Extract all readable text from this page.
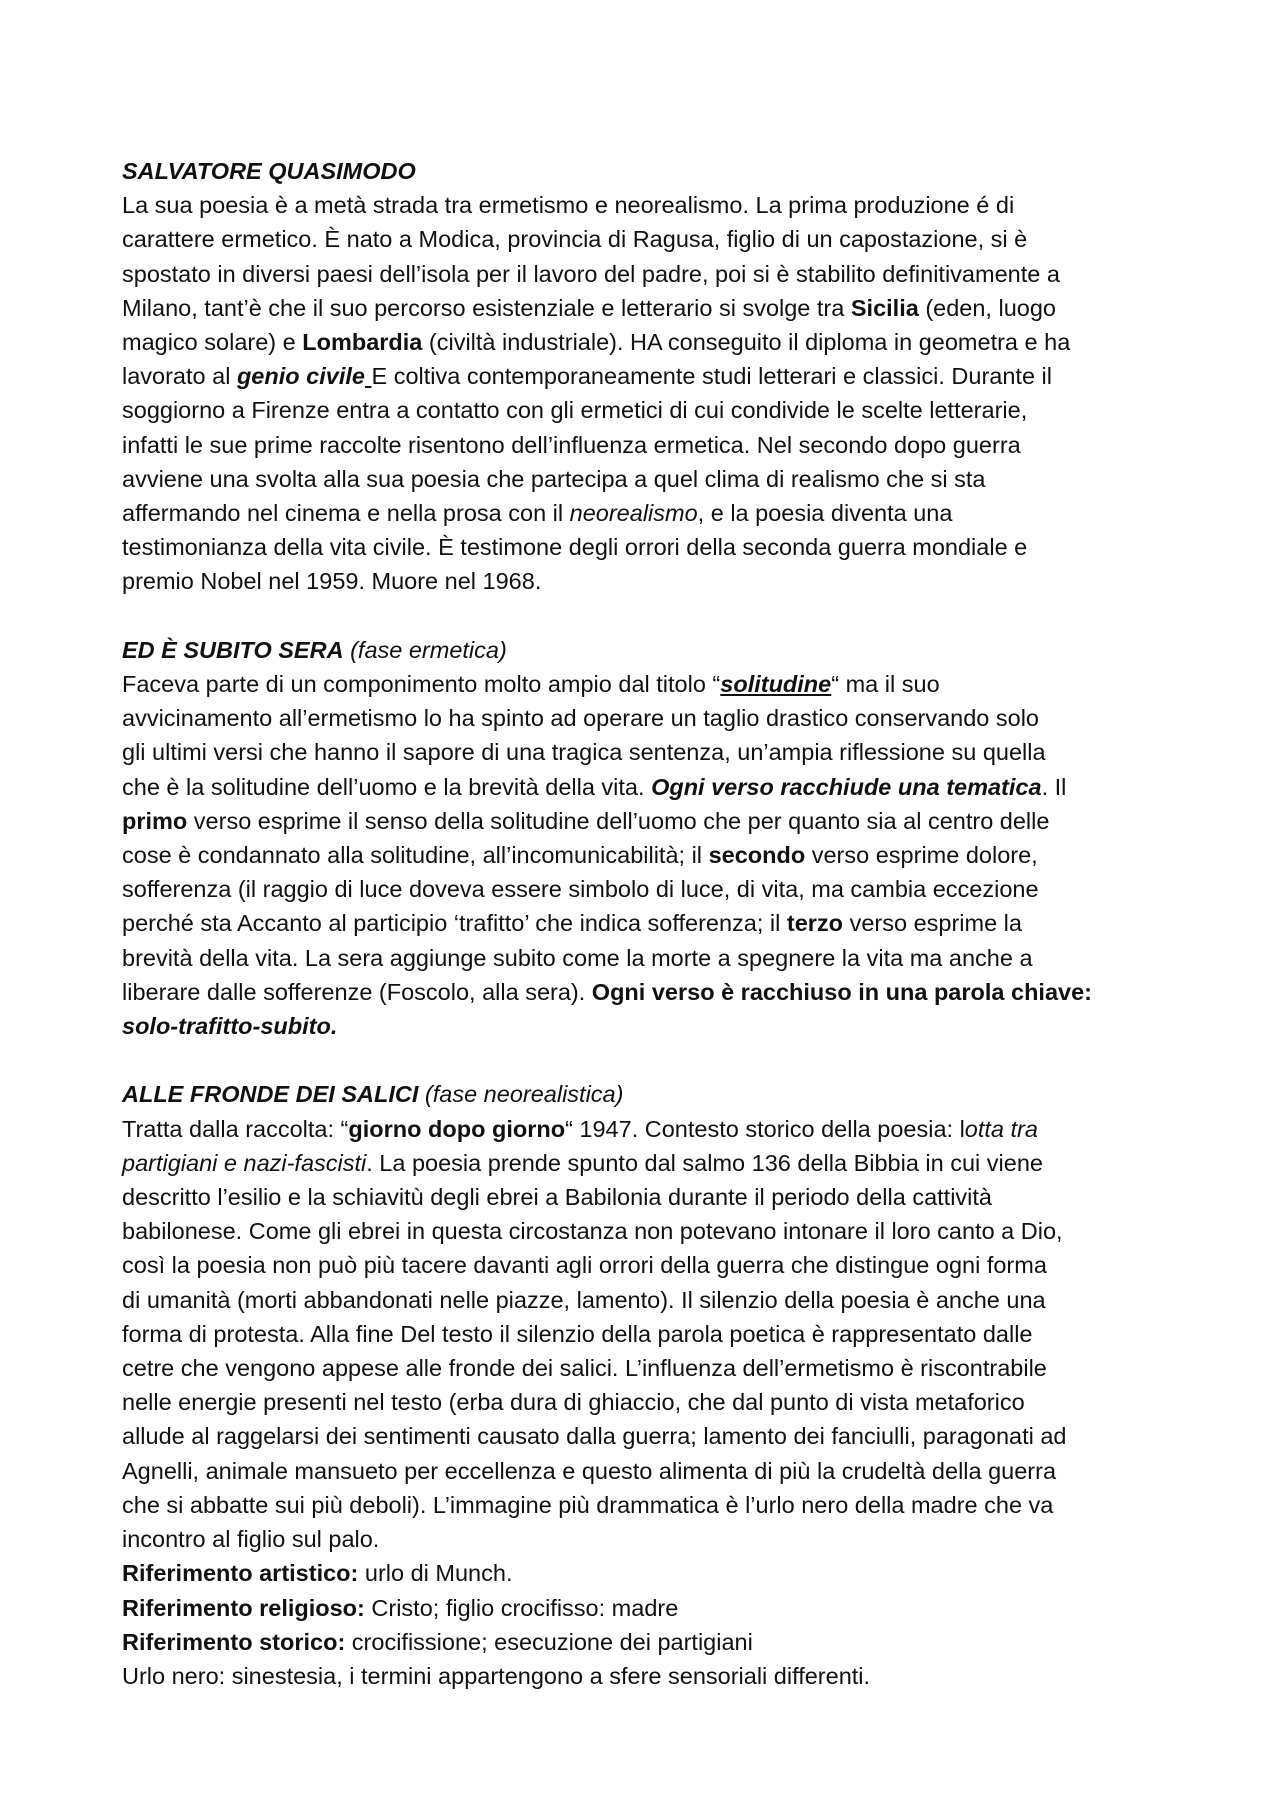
SALVATORE QUASIMODO
La sua poesia è a metà strada tra ermetismo e neorealismo. La prima produzione é di
carattere ermetico. È nato a Modica, provincia di Ragusa, figlio di un capostazione, si è
spostato in diversi paesi dell’isola per il lavoro del padre, poi si è stabilito definitivamente a
Milano, tant’è che il suo percorso esistenziale e letterario si svolge tra Sicilia (eden, luogo
magico solare) e Lombardia (civiltà industriale). HA conseguito il diploma in geometra e ha
lavorato al genio civile E coltiva contemporaneamente studi letterari e classici. Durante il
soggiorno a Firenze entra a contatto con gli ermetici di cui condivide le scelte letterarie,
infatti le sue prime raccolte risentono dell’influenza ermetica. Nel secondo dopo guerra
avviene una svolta alla sua poesia che partecipa a quel clima di realismo che si sta
affermando nel cinema e nella prosa con il neorealismo, e la poesia diventa una
testimonianza della vita civile. È testimone degli orrori della seconda guerra mondiale e
premio Nobel nel 1959. Muore nel 1968.
ED È SUBITO SERA (fase ermetica)
Faceva parte di un componimento molto ampio dal titolo “solitudine“ ma il suo
avvicinamento all’ermetismo lo ha spinto ad operare un taglio drastico conservando solo
gli ultimi versi che hanno il sapore di una tragica sentenza, un’ampia riflessione su quella
che è la solitudine dell’uomo e la brevità della vita. Ogni verso racchiude una tematica. Il
primo verso esprime il senso della solitudine dell’uomo che per quanto sia al centro delle
cose è condannato alla solitudine, all’incomunicabilità; il secondo verso esprime dolore,
sofferenza (il raggio di luce doveva essere simbolo di luce, di vita, ma cambia eccezione
perché sta Accanto al participio ‘trafitto’ che indica sofferenza; il terzo verso esprime la
brevità della vita. La sera aggiunge subito come la morte a spegnere la vita ma anche a
liberare dalle sofferenze (Foscolo, alla sera). Ogni verso è racchiuso in una parola chiave:
solo-trafitto-subito.
ALLE FRONDE DEI SALICI (fase neorealistica)
Tratta dalla raccolta: “giorno dopo giorno“ 1947. Contesto storico della poesia: lotta tra
partigiani e nazi-fascisti. La poesia prende spunto dal salmo 136 della Bibbia in cui viene
descritto l’esilio e la schiavitù degli ebrei a Babilonia durante il periodo della cattività
babilonese. Come gli ebrei in questa circostanza non potevano intonare il loro canto a Dio,
così la poesia non può più tacere davanti agli orrori della guerra che distingue ogni forma
di umanità (morti abbandonati nelle piazze, lamento). Il silenzio della poesia è anche una
forma di protesta. Alla fine Del testo il silenzio della parola poetica è rappresentato dalle
cetre che vengono appese alle fronde dei salici. L’influenza dell’ermetismo è riscontrabile
nelle energie presenti nel testo (erba dura di ghiaccio, che dal punto di vista metaforico
allude al raggelarsi dei sentimenti causato dalla guerra; lamento dei fanciulli, paragonati ad
Agnelli, animale mansueto per eccellenza e questo alimenta di più la crudeltà della guerra
che si abbatte sui più deboli). L’immagine più drammatica è l’urlo nero della madre che va
incontro al figlio sul palo.
Riferimento artistico: urlo di Munch.
Riferimento religioso: Cristo; figlio crocifisso: madre
Riferimento storico: crocifissione; esecuzione dei partigiani
Urlo nero: sinestesia, i termini appartengono a sfere sensoriali differenti.
